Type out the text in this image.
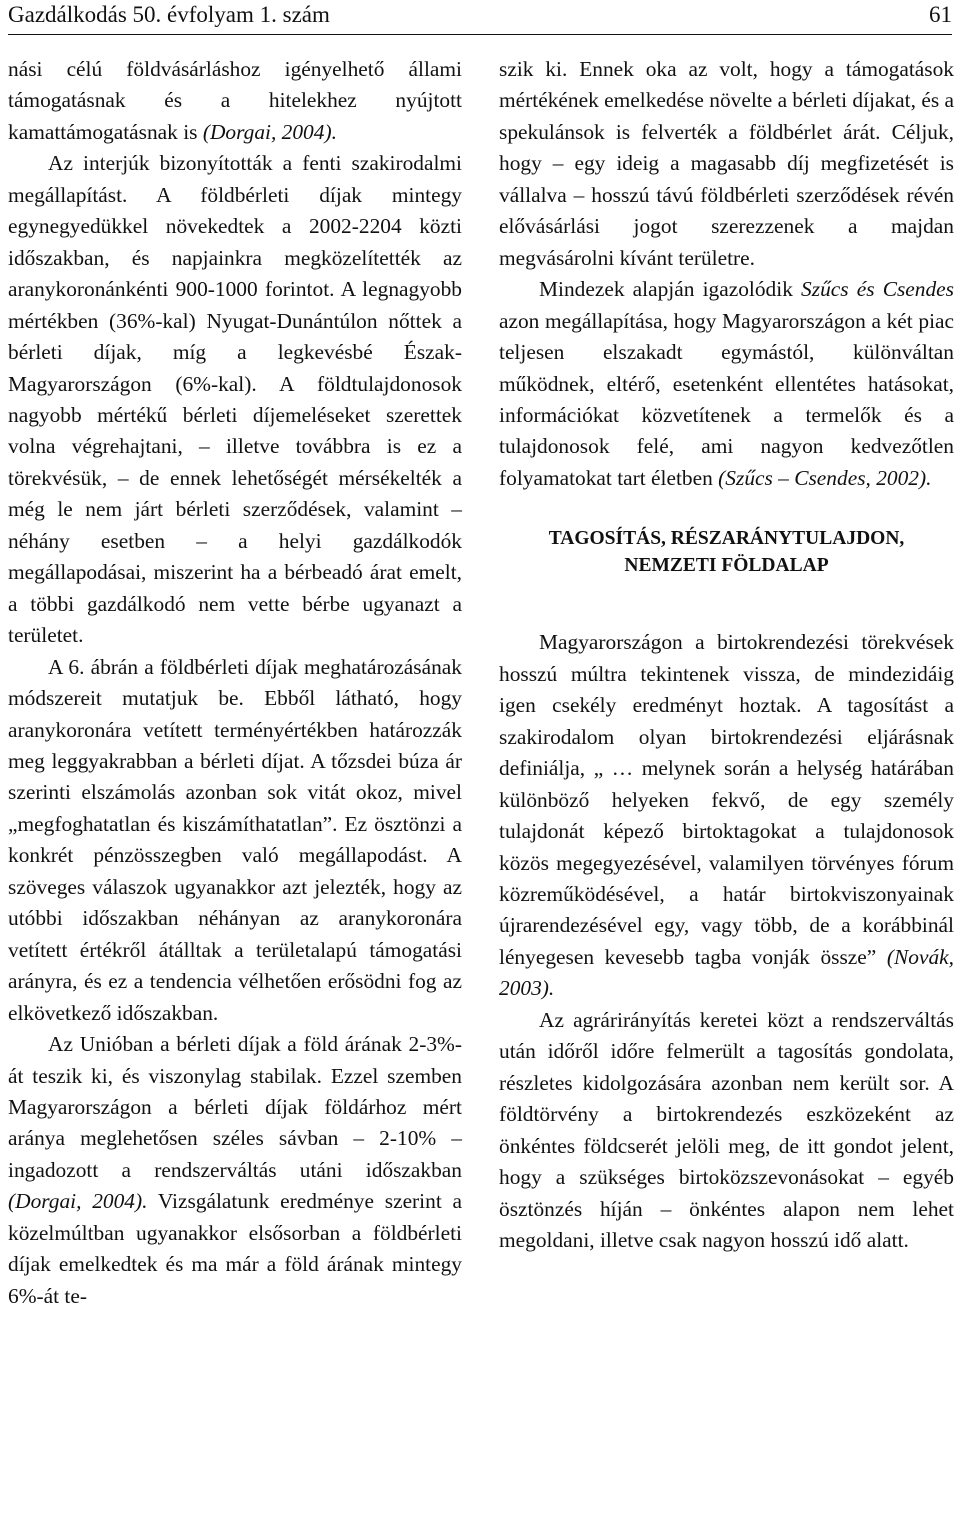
Gazdálkodás 50. évfolyam 1. szám	61

nási célú földvásárláshoz igényelhető állami támogatásnak és a hitelekhez nyújtott kamattámogatásnak is (Dorgai, 2004).

Az interjúk bizonyították a fenti szakirodalmi megállapítást. A földbérleti díjak mintegy egynegyedükkel növekedtek a 2002-2204 közti időszakban, és napjainkra megközelítették az aranykoronánkénti 900-1000 forintot. A legnagyobb mértékben (36%-kal) Nyugat-Dunántúlon nőttek a bérleti díjak, míg a legkevésbé Észak-Magyarországon (6%-kal). A földtulajdonosok nagyobb mértékű bérleti díjemeléseket szerettek volna végrehajtani, – illetve továbbra is ez a törekvésük, – de ennek lehetőségét mérsékelték a még le nem járt bérleti szerződések, valamint – néhány esetben – a helyi gazdálkodók megállapodásai, miszerint ha a bérbeadó árat emelt, a többi gazdálkodó nem vette bérbe ugyanazt a területet.

A 6. ábrán a földbérleti díjak meghatározásának módszereit mutatjuk be. Ebből látható, hogy aranykoronára vetített terményértékben határozzák meg leggyakrabban a bérleti díjat. A tőzsdei búza ár szerinti elszámolás azonban sok vitát okoz, mivel „megfoghatatlan és kiszámíthatatlan”. Ez ösztönzi a konkrét pénzösszegben való megállapodást. A szöveges válaszok ugyanakkor azt jelezték, hogy az utóbbi időszakban néhányan az aranykoronára vetített értékről átálltak a területalapú támogatási arányra, és ez a tendencia vélhetően erősödni fog az elkövetkező időszakban.

Az Unióban a bérleti díjak a föld árának 2-3%-át teszik ki, és viszonylag stabilak. Ezzel szemben Magyarországon a bérleti díjak földárhoz mért aránya meglehetősen széles sávban – 2-10% – ingadozott a rendszerváltás utáni időszakban (Dorgai, 2004). Vizsgálatunk eredménye szerint a közelmúltban ugyanakkor elsősorban a földbérleti díjak emelkedtek és ma már a föld árának mintegy 6%-át te-

szik ki. Ennek oka az volt, hogy a támogatások mértékének emelkedése növelte a bérleti díjakat, és a spekulánsok is felverték a földbérlet árát. Céljuk, hogy – egy ideig a magasabb díj megfizetését is vállalva – hosszú távú földbérleti szerződések révén elővásárlási jogot szerezzenek a majdan megvásárolni kívánt területre.

Mindezek alapján igazolódik Szűcs és Csendes azon megállapítása, hogy Magyarországon a két piac teljesen elszakadt egymástól, különváltan működnek, eltérő, esetenként ellentétes hatásokat, információkat közvetítenek a termelők és a tulajdonosok felé, ami nagyon kedvezőtlen folyamatokat tart életben (Szűcs – Csendes, 2002).

TAGOSÍTÁS, RÉSZARÁNYTULAJDON,
NEMZETI FÖLDALAP

Magyarországon a birtokrendezési törekvések hosszú múltra tekintenek vissza, de mindezidáig igen csekély eredményt hoztak. A tagosítást a szakirodalom olyan birtokrendezési eljárásnak definiálja, „ … melynek során a helység határában különböző helyeken fekvő, de egy személy tulajdonát képező birtoktagokat a tulajdonosok közös megegyezésével, valamilyen törvényes fórum közreműködésével, a határ birtokviszonyainak újrarendezésével egy, vagy több, de a korábbinál lényegesen kevesebb tagba vonják össze” (Novák, 2003).

Az agrárirányítás keretei közt a rendszerváltás után időről időre felmerült a tagosítás gondolata, részletes kidolgozására azonban nem került sor. A földtörvény a birtokrendezés eszközeként az önkéntes földcserét jelöli meg, de itt gondot jelent, hogy a szükséges birtoközszevonásokat – egyéb ösztönzés híján – önkéntes alapon nem lehet megoldani, illetve csak nagyon hosszú idő alatt.
